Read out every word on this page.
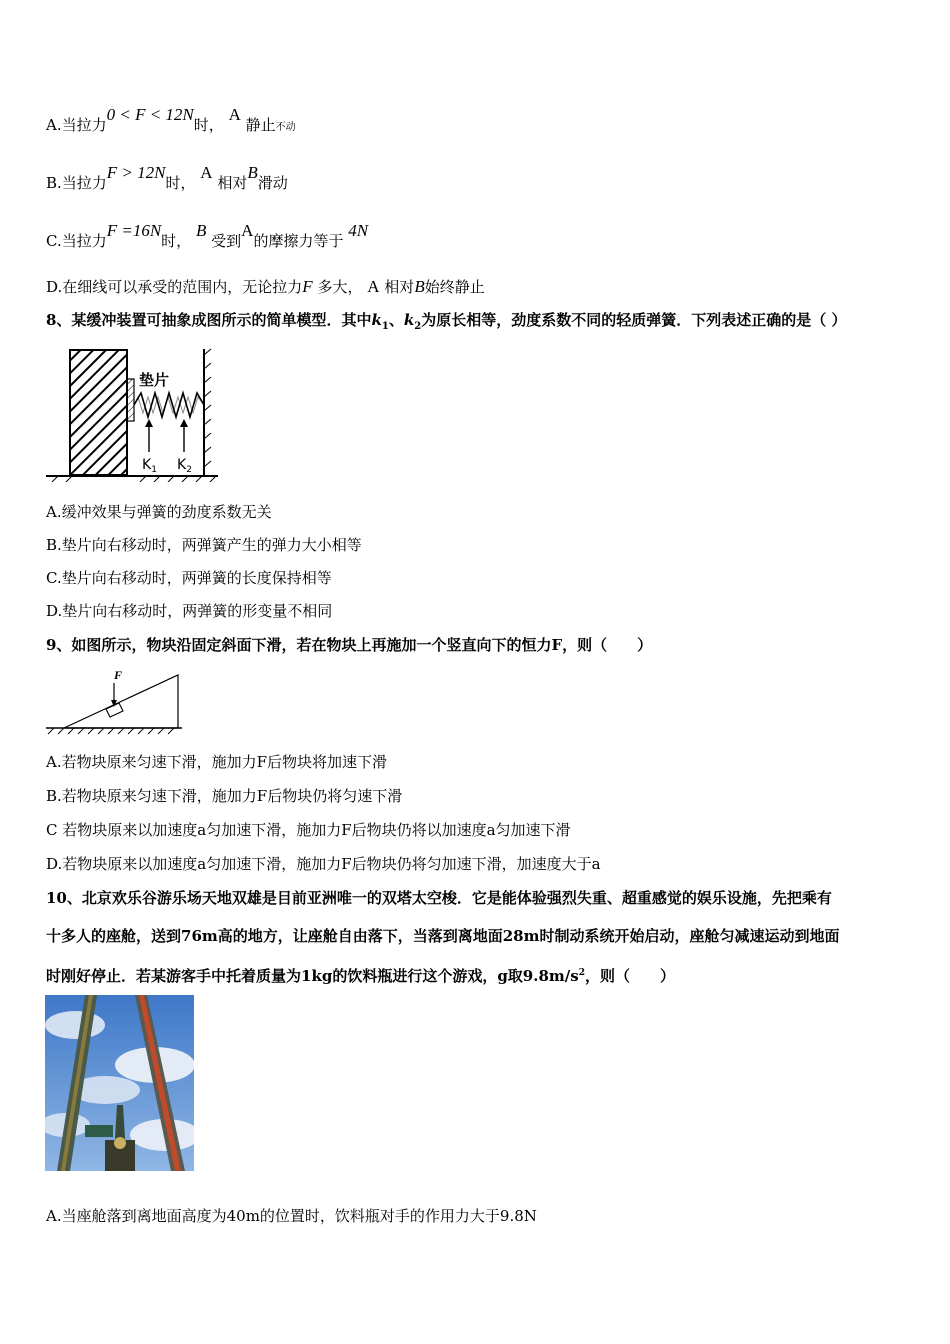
A.当拉力0 < F < 12N时， A 静止不动
B.当拉力F > 12N时， A 相对B滑动
C.当拉力F =16N时， B 受到A的摩擦力等于 4N
D.在细线可以承受的范围内，无论拉力F 多大， A 相对B始终静止
8、某缓冲装置可抽象成图所示的简单模型．其中$k_1$、$k_2$为原长相等，劲度系数不同的轻质弹簧．下列表述正确的是（ ）
垫片
$K_1$ $K_2$
A.缓冲效果与弹簧的劲度系数无关
B.垫片向右移动时，两弹簧产生的弹力大小相等
C.垫片向右移动时，两弹簧的长度保持相等
D.垫片向右移动时，两弹簧的形变量不相同
9、如图所示，物块沿固定斜面下滑，若在物块上再施加一个竖直向下的恒力F，则（　　）
F
A.若物块原来匀速下滑，施加力F后物块将加速下滑
B.若物块原来匀速下滑，施加力F后物块仍将匀速下滑
C 若物块原来以加速度a匀加速下滑，施加力F后物块仍将以加速度a匀加速下滑
D.若物块原来以加速度a匀加速下滑，施加力F后物块仍将匀加速下滑，加速度大于a
10、北京欢乐谷游乐场天地双雄是目前亚洲唯一的双塔太空梭．它是能体验强烈失重、超重感觉的娱乐设施，先把乘有
十多人的座舱，送到76m高的地方，让座舱自由落下，当落到离地面28m时制动系统开始启动，座舱匀减速运动到地面
时刚好停止．若某游客手中托着质量为1kg的饮料瓶进行这个游戏，g取$9.8m/s^2$，则（　　）
A.当座舱落到离地面高度为40m的位置时，饮料瓶对手的作用力大于9.8N
